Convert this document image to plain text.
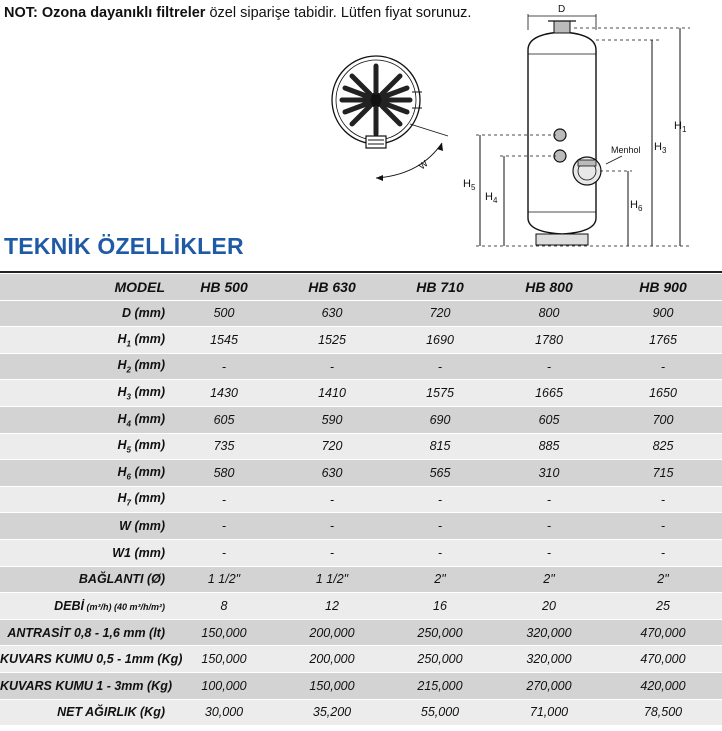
NOT: Ozona dayanıklı filtreler özel siparişe tabidir. Lütfen fiyat sorunuz.
W
D
$H_1$
$H_3$
$H_5$
$H_4$	$H_6$
Menhol
TEKNİK ÖZELLİKLER
MODEL	HB 500	HB 630	HB 710	HB 800	HB 900
D (mm)	500	630	720	800	900
$H_1$ (mm)	1545	1525	1690	1780	1765
$H_2$ (mm)	-	-	-	-	-
$H_3$ (mm)	1430	1410	1575	1665	1650
$H_4$ (mm)	605	590	690	605	700
$H_5$ (mm)	735	720	815	885	825
$H_6$ (mm)	580	630	565	310	715
$H_7$ (mm)	-	-	-	-	-
W (mm)	-	-	-	-	-
W1 (mm)	-	-	-	-	-
BAĞLANTI (Ø)	1 1/2"	1 1/2"	2"	2"	2"
DEBİ (m³/h) (40 m³/h/m²)	8	12	16	20	25
ANTRASİT 0,8 - 1,6 mm (lt)	150,000	200,000	250,000	320,000	470,000
KUVARS KUMU 0,5 - 1mm (Kg)	150,000	200,000	250,000	320,000	470,000
KUVARS KUMU 1 - 3mm (Kg)	100,000	150,000	215,000	270,000	420,000
NET AĞIRLIK (Kg)	30,000	35,200	55,000	71,000	78,500
